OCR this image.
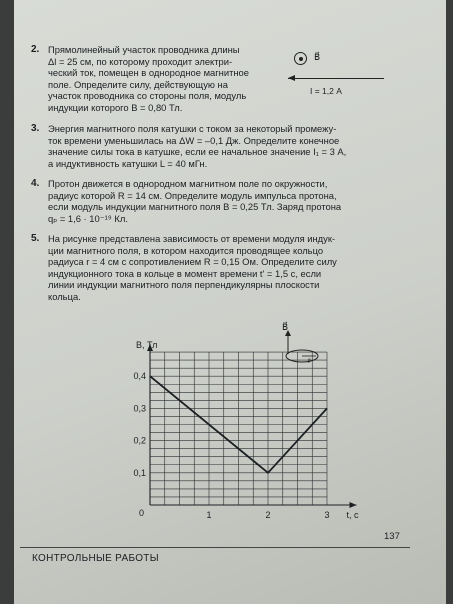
2. Прямолинейный участок проводника длины

Δl = 25 см, по которому проходит электри-

ческий ток, помещен в однородное магнитное

поле. Определите силу, действующую на

участок проводника со стороны поля, модуль

индукции которого B = 0,80 Тл.

B⃗
I = 1,2 А
3. Энергия магнитного поля катушки с током за некоторый промежу-

ток времени уменьшилась на ΔW = –0,1 Дж. Определите конечное

значение силы тока в катушке, если ее начальное значение I₁ = 3 А,

а индуктивность катушки L = 40 мГн.

4. Протон движется в однородном магнитном поле по окружности,

радиус которой R = 14 см. Определите модуль импульса протона,

если модуль индукции магнитного поля B = 0,25 Тл. Заряд протона

qₚ = 1,6 · 10⁻¹⁹ Кл.

5. На рисунке представлена зависимость от времени модуля индук-

ции магнитного поля, в котором находится проводящее кольцо

радиуса r = 4 см с сопротивлением R = 0,15 Ом. Определите силу

индукционного тока в кольце в момент времени t' = 1,5 с, если

линии индукции магнитного поля перпендикулярны плоскости

кольца.

1	2	3
0,1
0,2
0,3
0,4
0
B, Тл
t, с
B⃗
r
137
КОНТРОЛЬНЫЕ РАБОТЫ
